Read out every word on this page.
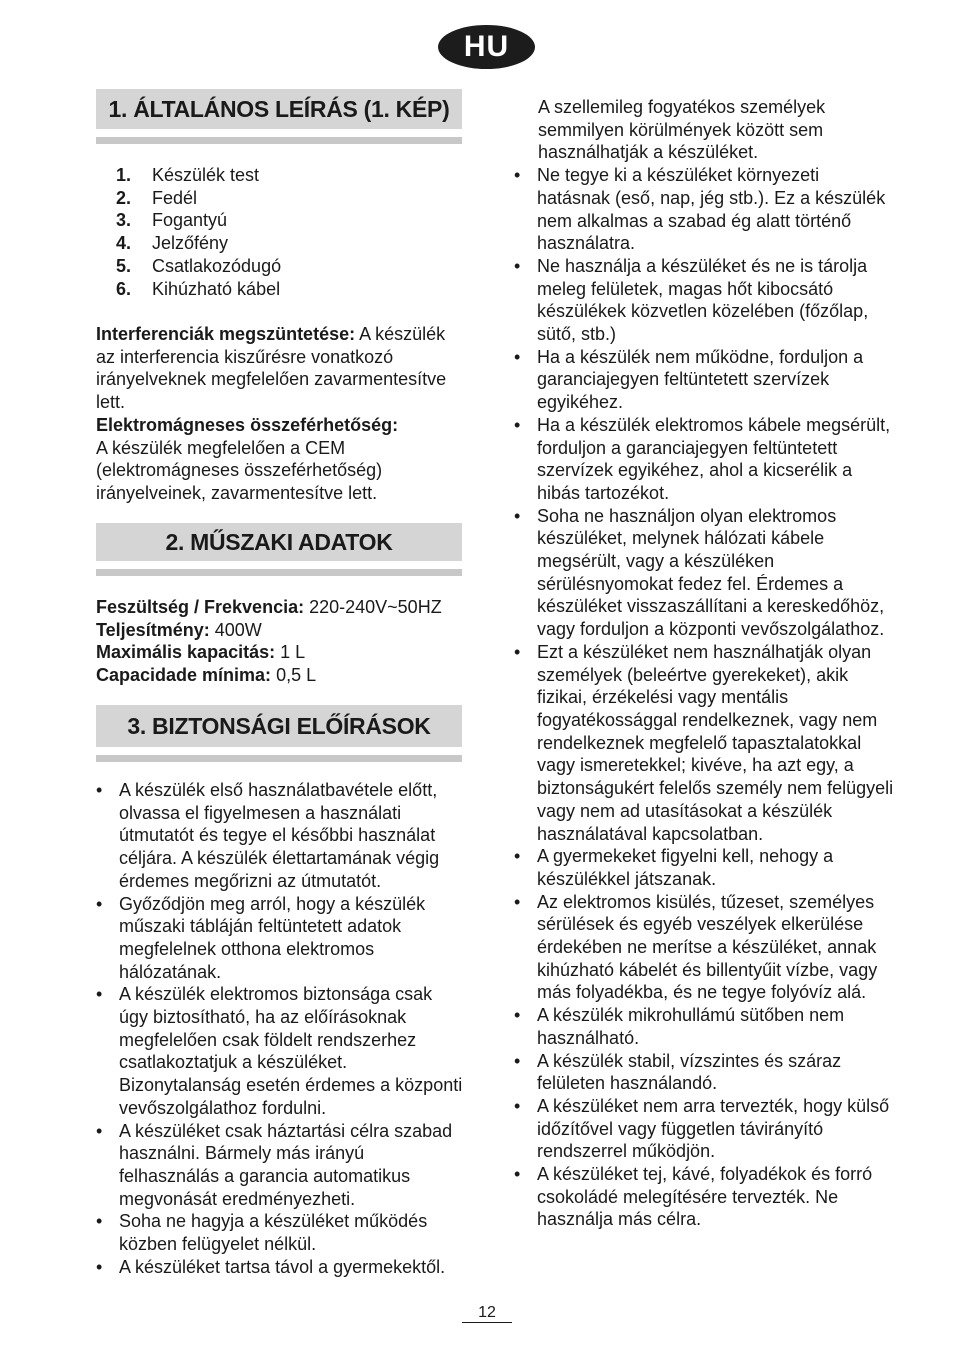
HU
1. ÁLTALÁNOS LEÍRÁS (1. KÉP)
1. Készülék test
2. Fedél
3. Fogantyú
4. Jelzőfény
5. Csatlakozódugó
6. Kihúzható kábel
Interferenciák megszüntetése: A készülék az interferencia kiszűrésre vonatkozó irányelveknek megfelelően zavarmentesítve lett.
Elektromágneses összeférhetőség:
A készülék megfelelően a CEM (elektromágneses összeférhetőség) irányelveinek, zavarmentesítve lett.
2. MŰSZAKI ADATOK
Feszültség / Frekvencia: 220-240V~50HZ
Teljesítmény: 400W
Maximális kapacitás: 1 L
Capacidade mínima: 0,5 L
3. BIZTONSÁGI ELŐÍRÁSOK
• A készülék első használatbavétele előtt, olvassa el figyelmesen a használati útmutatót és tegye el későbbi használat céljára. A készülék élettartamának végig érdemes megőrizni az útmutatót.
• Győződjön meg arról, hogy a készülék műszaki tábláján feltüntetett adatok megfelelnek otthona elektromos hálózatának.
• A készülék elektromos biztonsága csak úgy biztosítható, ha az előírásoknak megfelelően csak földelt rendszerhez csatlakoztatjuk a készüléket. Bizonytalanság esetén érdemes a központi vevőszolgálathoz fordulni.
• A készüléket csak háztartási célra szabad használni. Bármely más irányú felhasználás a garancia automatikus megvonását eredményezheti.
• Soha ne hagyja a készüléket működés közben felügyelet nélkül.
• A készüléket tartsa távol a gyermekektől.
A szellemileg fogyatékos személyek semmilyen körülmények között sem használhatják a készüléket.
• Ne tegye ki a készüléket környezeti hatásnak (eső, nap, jég stb.). Ez a készülék nem alkalmas a szabad ég alatt történő használatra.
• Ne használja a készüléket és ne is tárolja meleg felületek, magas hőt kibocsátó készülékek közvetlen közelében (főzőlap, sütő, stb.)
• Ha a készülék nem működne, forduljon a garanciajegyen feltüntetett szervízek egyikéhez.
• Ha a készülék elektromos kábele megsérült, forduljon a garanciajegyen feltüntetett szervízek egyikéhez, ahol a kicserélik a hibás tartozékot.
• Soha ne használjon olyan elektromos készüléket, melynek hálózati kábele megsérült, vagy a készüléken sérülésnyomokat fedez fel. Érdemes a készüléket visszaszállítani a kereskedőhöz, vagy forduljon a központi vevőszolgálathoz.
• Ezt a készüléket nem használhatják olyan személyek (beleértve gyerekeket), akik fizikai, érzékelési vagy mentális fogyatékossággal rendelkeznek, vagy nem rendelkeznek megfelelő tapasztalatokkal vagy ismeretekkel; kivéve, ha azt egy, a biztonságukért felelős személy nem felügyeli vagy nem ad utasításokat a készülék használatával kapcsolatban.
• A gyermekeket figyelni kell, nehogy a készülékkel játszanak.
• Az elektromos kisülés, tűzeset, személyes sérülések és egyéb veszélyek elkerülése érdekében ne merítse a készüléket, annak kihúzható kábelét és billentyűit vízbe, vagy más folyadékba, és ne tegye folyóvíz alá.
• A készülék mikrohullámú sütőben nem használható.
• A készülék stabil, vízszintes és száraz felületen használandó.
• A készüléket nem arra tervezték, hogy külső időzítővel vagy független távirányító rendszerrel működjön.
• A készüléket tej, kávé, folyadékok és forró csokoládé melegítésére tervezték. Ne használja más célra.
12
